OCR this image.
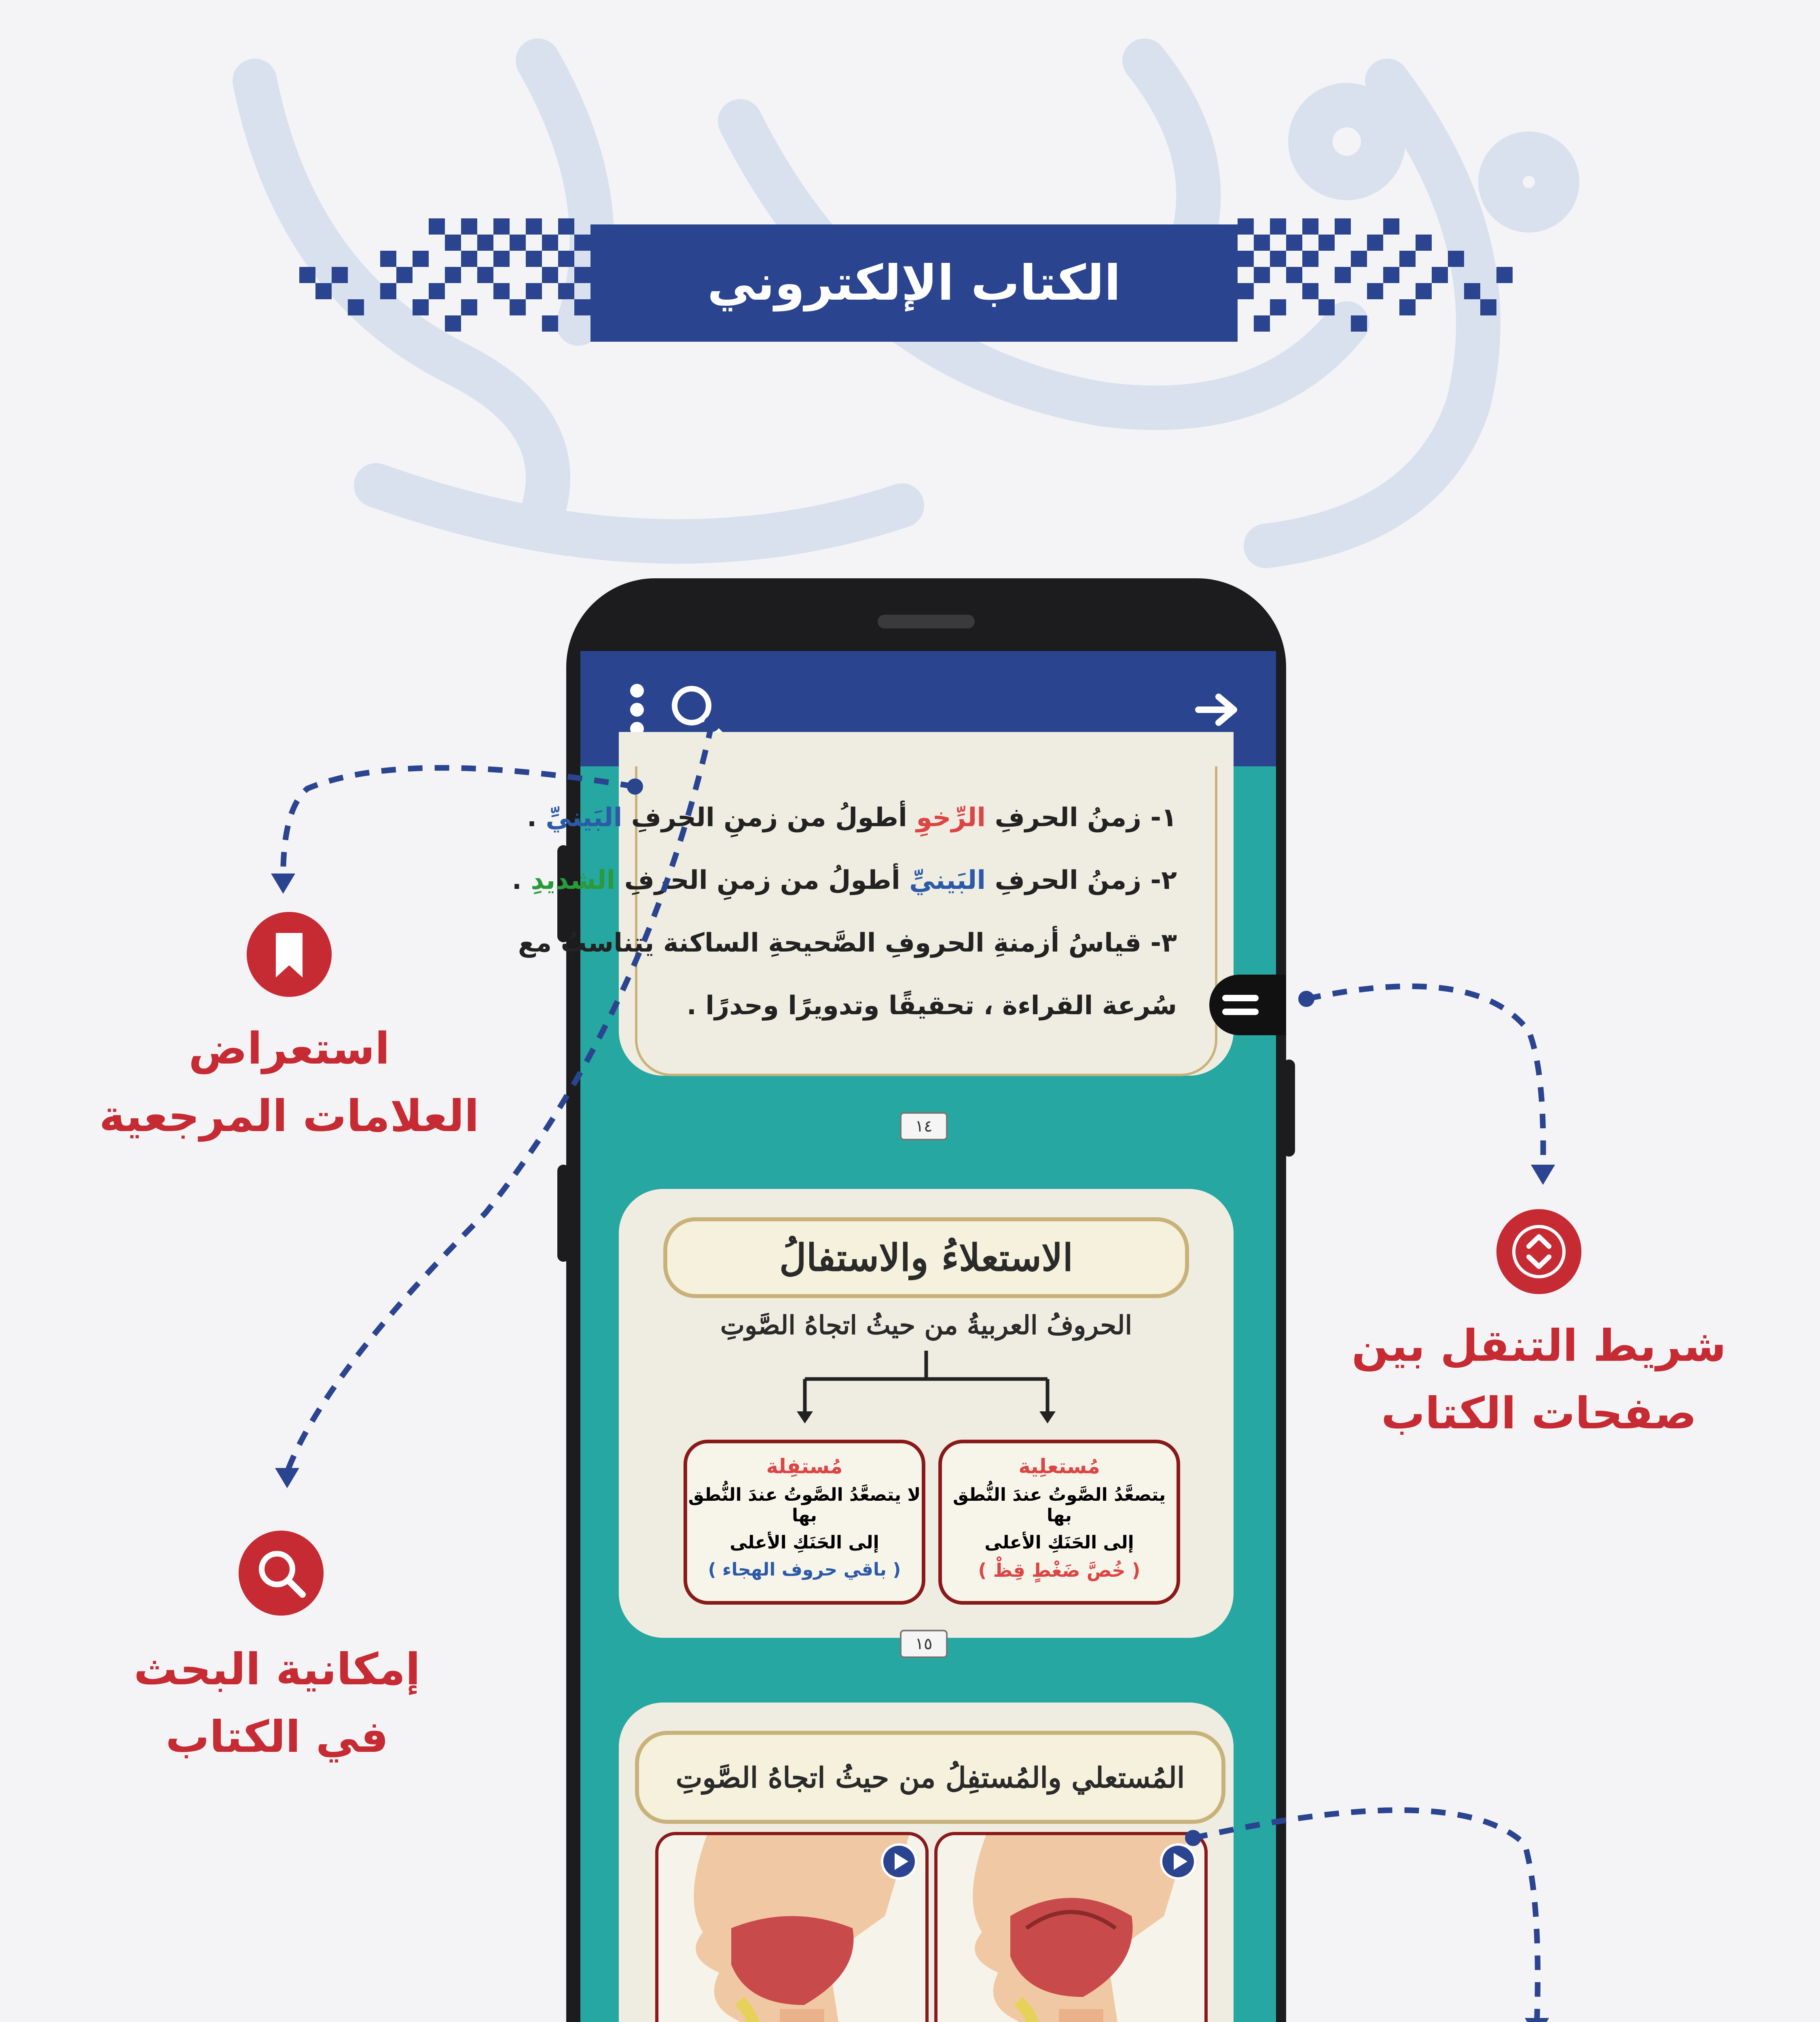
الكتاب الإلكتروني
١- زمنُ الحرفِ الرِّخوِ أطولُ من زمنِ الحرفِ البَينيِّ .
٢- زمنُ الحرفِ البَينيِّ أطولُ من زمنِ الحرفِ الشديدِ .
٣- قياسُ أزمنةِ الحروفِ الصَّحيحةِ الساكنة يتناسبُ مع
سُرعة القراءة ، تحقيقًا وتدويرًا وحدرًا .
١٤
الاستعلاءُ والاستفالُ
الحروفُ العربيةُ من حيثُ اتجاهُ الصَّوتِ
مُستعلِية
يتصعَّدُ الصَّوتُ عندَ النُّطق بها
إلى الحَنَكِ الأعلى
( خُصَّ ضَغْطٍ قِظْ )
مُستفِلة
لا يتصعَّدُ الصَّوتُ عندَ النُّطق بها
إلى الحَنَكِ الأعلى
( باقي حروف الهجاء )
١٥
المُستعلي والمُستفِلُ من حيثُ اتجاهُ الصَّوتِ
استعراض
العلامات المرجعية
إمكانية البحث
في الكتاب
شريط التنقل بين
صفحات الكتاب
